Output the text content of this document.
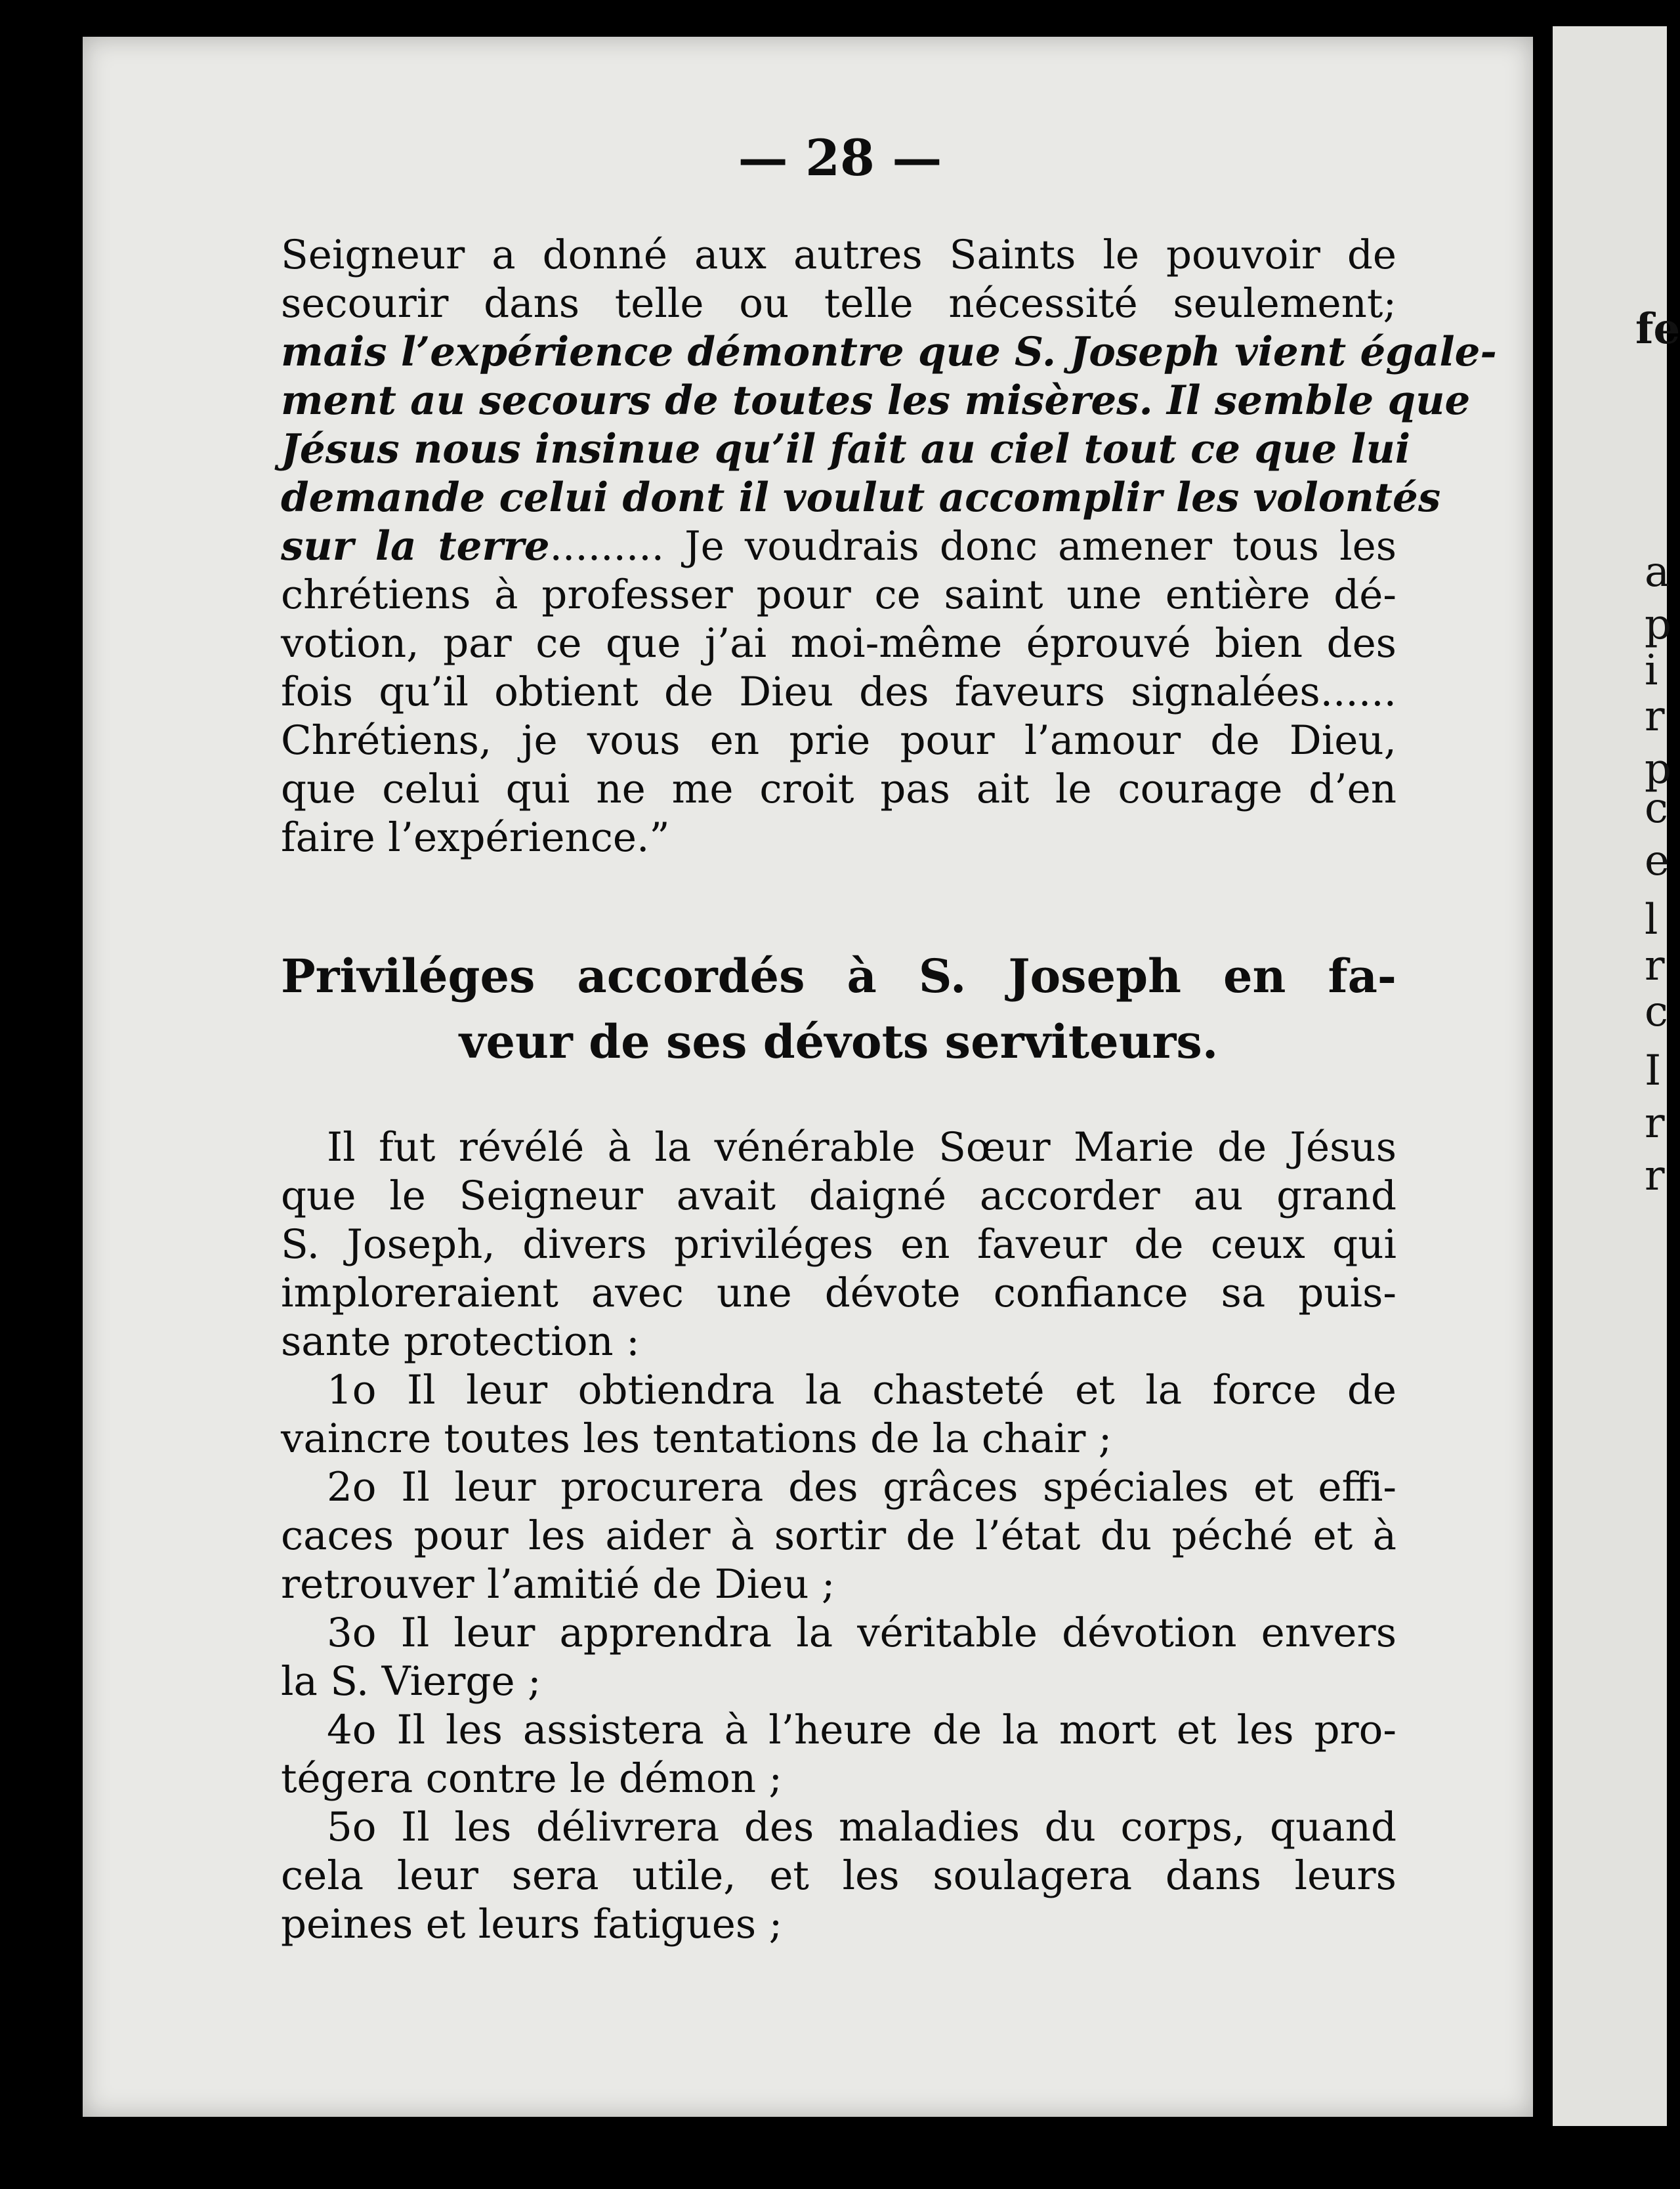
— 28 —
Seigneur a donné aux autres Saints le pouvoir de
secourir dans telle ou telle nécessité seulement;
mais l’expérience démontre que S. Joseph vient égale-
ment au secours de toutes les misères. Il semble que
Jésus nous insinue qu’il fait au ciel tout ce que lui
demande celui dont il voulut accomplir les volontés
sur la terre......... Je voudrais donc amener tous les
chrétiens à professer pour ce saint une entière dé-
votion, par ce que j’ai moi-même éprouvé bien des
fois qu’il obtient de Dieu des faveurs signalées......
Chrétiens, je vous en prie pour l’amour de Dieu,
que celui qui ne me croit pas ait le courage d’en
faire l’expérience.”
Priviléges accordés à S. Joseph en fa-
veur de ses dévots serviteurs.
Il fut révélé à la vénérable Sœur Marie de Jésus
que le Seigneur avait daigné accorder au grand
S. Joseph, divers priviléges en faveur de ceux qui
imploreraient avec une dévote confiance sa puis-
sante protection :
1o Il leur obtiendra la chasteté et la force de
vaincre toutes les tentations de la chair ;
2o Il leur procurera des grâces spéciales et effi-
caces pour les aider à sortir de l’état du péché et à
retrouver l’amitié de Dieu ;
3o Il leur apprendra la véritable dévotion envers
la S. Vierge ;
4o Il les assistera à l’heure de la mort et les pro-
tégera contre le démon ;
5o Il les délivrera des maladies du corps, quand
cela leur sera utile, et les soulagera dans leurs
peines et leurs fatigues ;
fe
a
p
i
r
p
c
e
l
r
c
I
r
r
